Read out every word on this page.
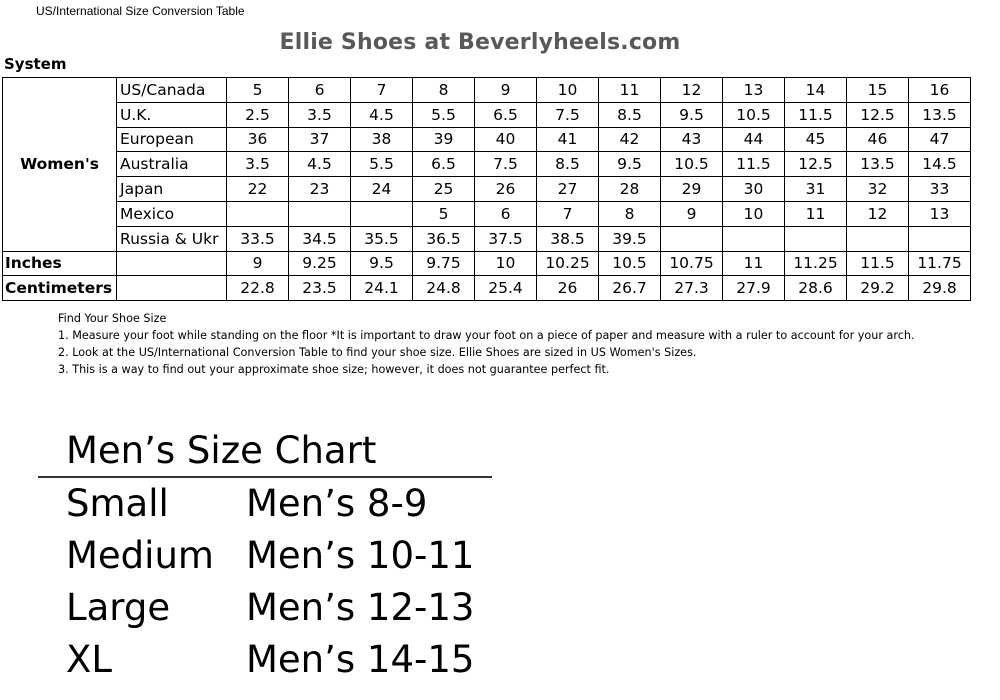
US/International Size Conversion Table
Ellie Shoes at Beverlyheels.com
System
Women's	US/Canada	5	6	7	8	9	10	11	12	13	14	15	16
	U.K.	2.5	3.5	4.5	5.5	6.5	7.5	8.5	9.5	10.5	11.5	12.5	13.5
	European	36	37	38	39	40	41	42	43	44	45	46	47
	Australia	3.5	4.5	5.5	6.5	7.5	8.5	9.5	10.5	11.5	12.5	13.5	14.5
	Japan	22	23	24	25	26	27	28	29	30	31	32	33
	Mexico				5	6	7	8	9	10	11	12	13
	Russia & Ukr	33.5	34.5	35.5	36.5	37.5	38.5	39.5					
Inches		9	9.25	9.5	9.75	10	10.25	10.5	10.75	11	11.25	11.5	11.75
Centimeters		22.8	23.5	24.1	24.8	25.4	26	26.7	27.3	27.9	28.6	29.2	29.8
Find Your Shoe Size
1. Measure your foot while standing on the floor *It is important to draw your foot on a piece of paper and measure with a ruler to account for your arch.
2. Look at the US/International Conversion Table to find your shoe size. Ellie Shoes are sized in US Women's Sizes.
3. This is a way to find out your approximate shoe size; however, it does not guarantee perfect fit.
Men’s Size Chart
Small Men’s 8-9
Medium Men’s 10-11
Large Men’s 12-13
XL	Men’s 14-15
